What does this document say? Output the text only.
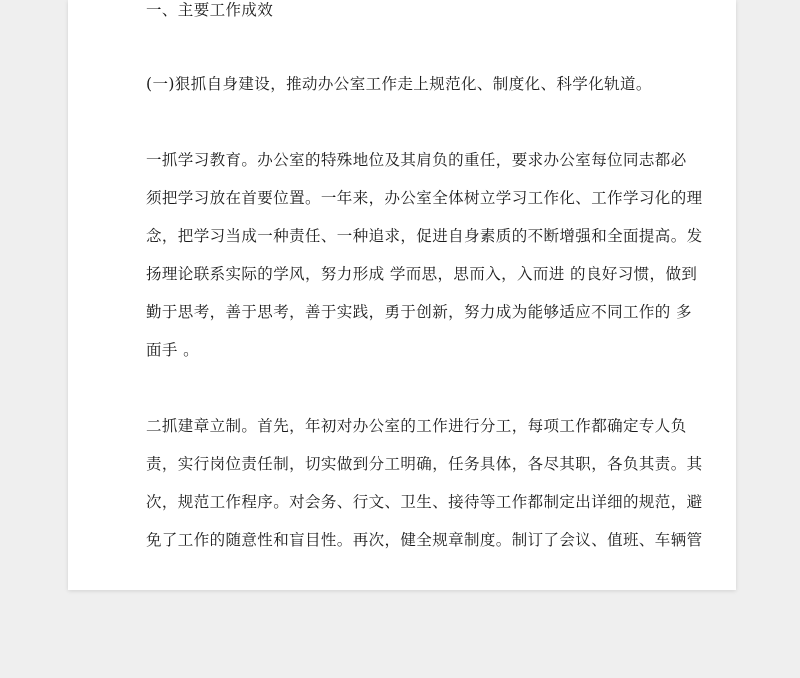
一、主要工作成效
(一)狠抓自身建设，推动办公室工作走上规范化、制度化、科学化轨道。
一抓学习教育。办公室的特殊地位及其肩负的重任，要求办公室每位同志都必
须把学习放在首要位置。一年来，办公室全体树立学习工作化、工作学习化的理
念，把学习当成一种责任、一种追求，促进自身素质的不断增强和全面提高。发
扬理论联系实际的学风，努力形成 学而思，思而入，入而进 的良好习惯，做到
勤于思考，善于思考，善于实践，勇于创新，努力成为能够适应不同工作的 多
面手 。
二抓建章立制。首先，年初对办公室的工作进行分工，每项工作都确定专人负
责，实行岗位责任制，切实做到分工明确，任务具体，各尽其职，各负其责。其
次，规范工作程序。对会务、行文、卫生、接待等工作都制定出详细的规范，避
免了工作的随意性和盲目性。再次，健全规章制度。制订了会议、值班、车辆管
